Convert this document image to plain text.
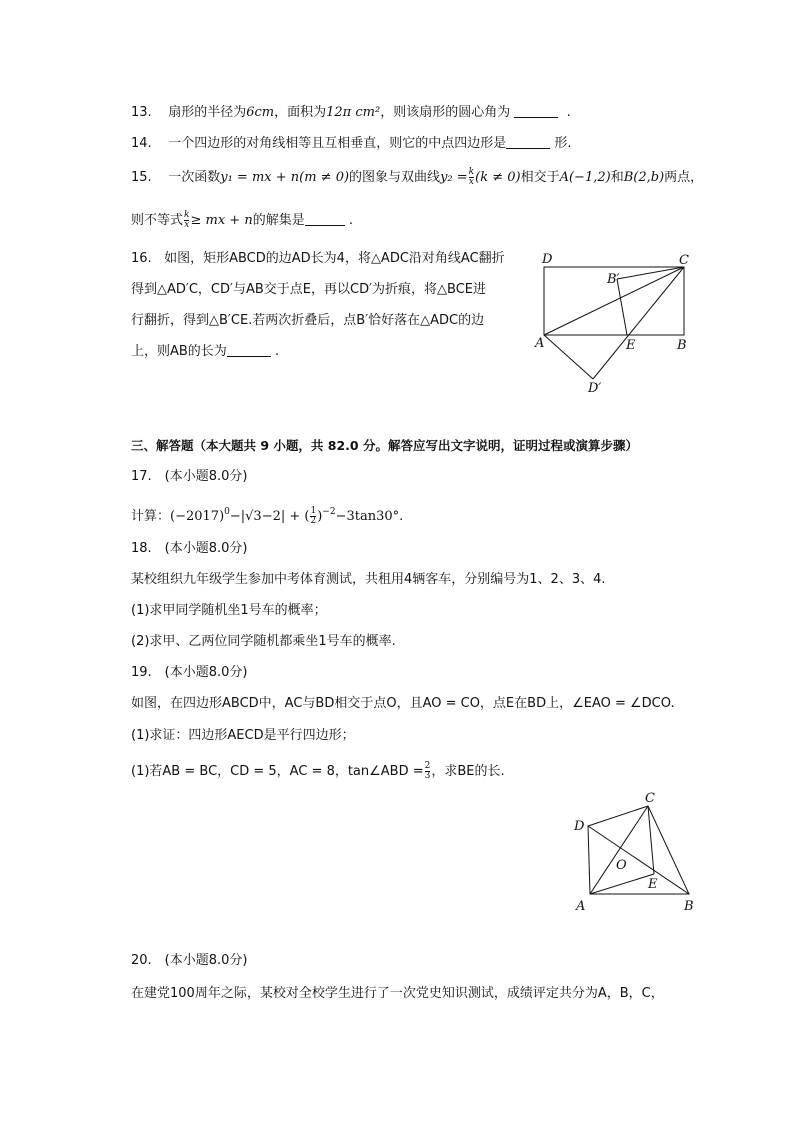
13. 扇形的半径为6cm，面积为12π cm²，则该扇形的圆心角为	.
14. 一个四边形的对角线相等且互相垂直，则它的中点四边形是	形.
15. 一次函数y₁ = mx + n(m ≠ 0)的图象与双曲线$y_2 = \frac{k}{x} (k \ne 0)$相交于A(−1,2)和B(2,b)两点，
则不等式 $\frac{k}{x}$ ≥ mx + n的解集是	.
16. 如图，矩形ABCD的边AD长为4，将△ADC沿对角线AC翻折
得到△AD′C，CD′与AB交于点E，再以CD′为折痕，将△BCE进
行翻折，得到△B′CE.若两次折叠后，点B′恰好落在△ADC的边
上，则AB的长为	.
D	C
B′
A	E	B
D′
三、解答题（本大题共 9 小题，共 82.0 分。解答应写出文字说明，证明过程或演算步骤）
17.　(本小题8.0分)
计算：$(-2017)^0-|√3-2|$ + ( $\frac{1}{2} )^{-2}-3\tan 30^\circ$.
18.　(本小题8.0分)
某校组织九年级学生参加中考体育测试，共租用4辆客车，分别编号为1、2、3、4.
(1)求甲同学随机坐1号车的概率；
(2)求甲、乙两位同学随机都乘坐1号车的概率.
19.　(本小题8.0分)
如图，在四边形ABCD中，AC与BD相交于点O，且AO = CO，点E在BD上，∠EAO = ∠DCO.
(1)求证：四边形AECD是平行四边形；
(1)若AB = BC，CD = 5，AC = 8，tan∠ABD = $\frac{2}{3}$ ，求BE的长.
C
D
O
E
A	B
20.　(本小题8.0分)
在建党100周年之际，某校对全校学生进行了一次党史知识测试，成绩评定共分为A，B，C，
